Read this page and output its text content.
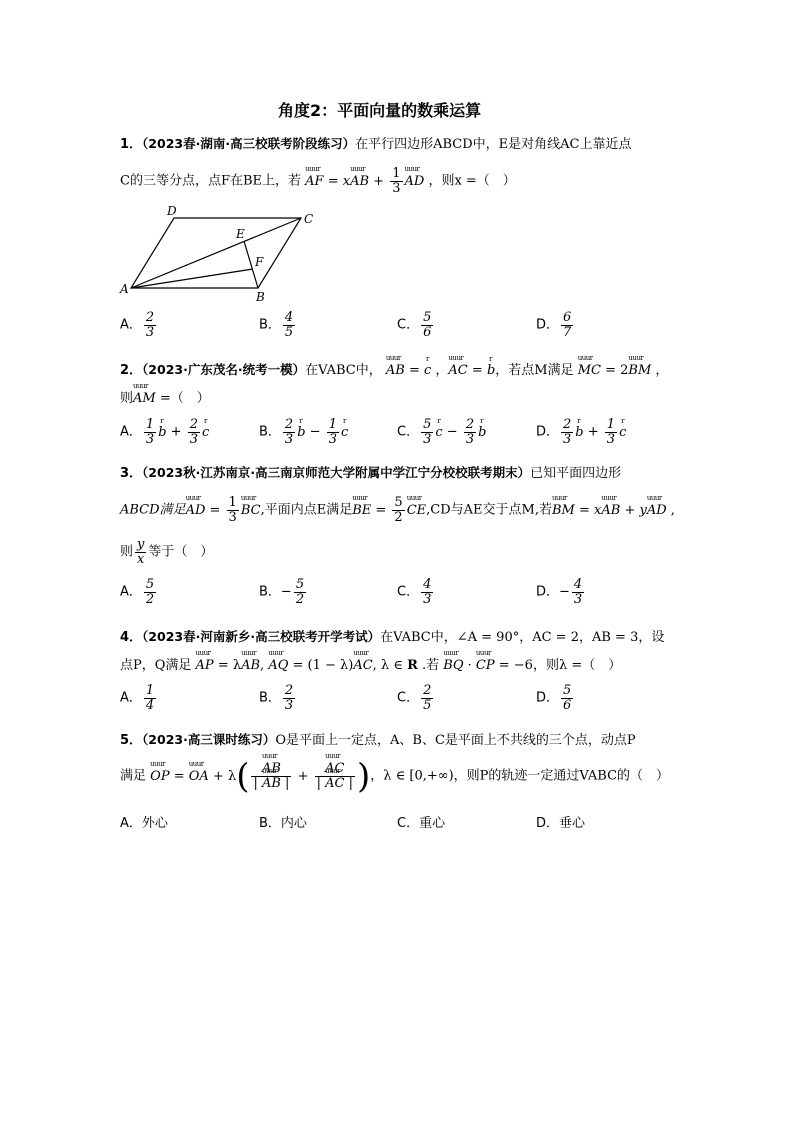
角度2：平面向量的数乘运算
1．（2023春·湖南·高三校联考阶段练习）在平行四边形ABCD中，E是对角线AC上靠近点
C的三等分点，点F在BE上，若 uuur AF = xuuur AB + $\frac{1}{3}$ uuur AD ，则x =（　）
D
C
E
F
A
B
A． $\frac{2}{3}$	B． $\frac{4}{5}$	C． $\frac{5}{6}$	D． $\frac{6}{7}$
2．（2023·广东茂名·统考一模）在VABC中， uuur AB = r c ，uuur AC = r b，若点M满足 uuur MC = 2uuur BM ，
则uuur AM =（　）
A． $\frac{1}{3}$ r $b + \frac{2}{3}$ r c	B． $\frac{2}{3}$ r $b - \frac{1}{3}$ r c	C． $\frac{5}{3}$ r $c - \frac{2}{3}$ r b	D． $\frac{2}{3}$ r $b + \frac{1}{3}$ r c
3．（2023秋·江苏南京·高三南京师范大学附属中学江宁分校校联考期末）已知平面四边形
ABCD满足uuur AD = $\frac{1}{3}$ uuur BC,平面内点E满足uuur BE = $\frac{5}{2}$ uuur CE,CD与AE交于点M,若uuur BM = xuuur AB + yuuur AD ,
则 $\frac{y}{x}$ 等于（　）
A． $\frac{5}{2}$	B．− $\frac{5}{2}$	C． $\frac{4}{3}$	D．− $\frac{4}{3}$
4．（2023春·河南新乡·高三校联考开学考试）在VABC中，∠A = 90°，AC = 2，AB = 3，设
点P，Q满足 uuur AP = λuuur AB, uuur AQ = (1 − λ)uuur AC, λ ∈ R .若 uuur BQ · uuur CP = −6，则λ =（　）
A． $\frac{1}{4}$	B． $\frac{2}{3}$	C． $\frac{2}{5}$	D． $\frac{5}{6}$
5．（2023·高三课时练习）O是平面上一定点，A、B、C是平面上不共线的三个点，动点P
满足 uuur OP = uuur OA + λ( uuur $\frac{AB}{\text{| uuur AB |}}$ + uuur $\frac{AC}{\text{| uuur AC |}}$ )，λ ∈ [0,+∞)，则P的轨迹一定通过VABC的（　）
A．外心	B．内心	C．重心	D．垂心
